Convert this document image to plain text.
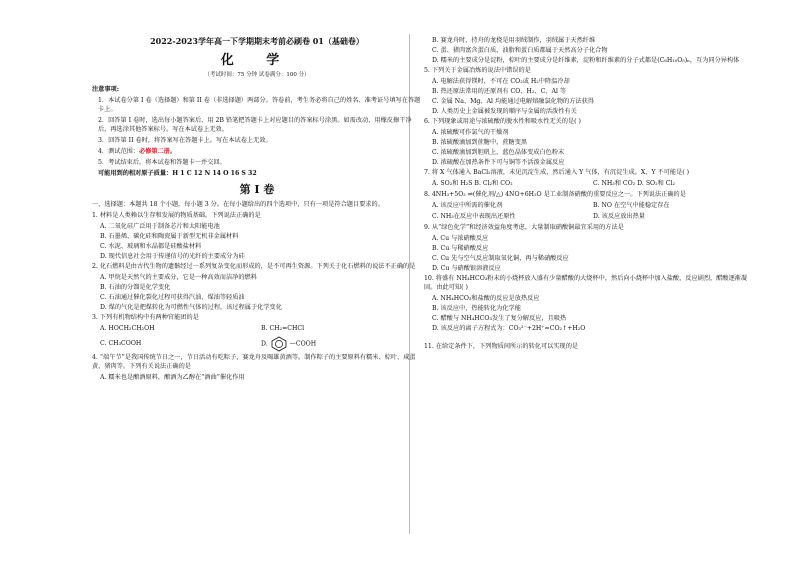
2022-2023学年高一下学期期末考前必刷卷 01（基础卷）
化 学
（考试时间：75 分钟 试卷满分：100 分）
注意事项:
1．本试卷分第 I 卷（选择题）和第 II 卷（非选择题）两部分。答卷前，考生务必将自己的姓名、准考证号填写在答题卡上。
2．回答第 I 卷时，选出每小题答案后，用 2B 铅笔把答题卡上对应题目的答案标号涂黑。如需改动，用橡皮擦干净后，再选涂其他答案标号。写在本试卷上无效。
3．回答第 II 卷时，将答案写在答题卡上。写在本试卷上无效。
4．测试范围：必修第二册。
5．考试结束后，将本试卷和答题卡一并交回。
可能用到的相对原子质量：H 1 C 12 N 14 O 16 S 32
第 I 卷
一、选择题：本题共 18 个小题，每小题 3 分。在每小题给出的四个选项中，只有一项是符合题目要求的。
1. 材料是人类赖以生存和发展的物质基础。下列说法正确的是
A. 二氧化硅广泛用于制备芯片和太阳能电池
B. 石墨烯、碳化硅和陶瓷属于新型无机非金属材料
C. 水泥、玻璃和水晶都是硅酸盐材料
D. 现代信息社会用于传递信号的光纤的主要成分为硅
2. 化石燃料是由古代生物的遗骸经过一系列复杂变化而形成的，是不可再生资源。下列关于化石燃料的说法不正确的是
A. 甲烷是天然气的主要成分，它是一种高效而洁净的燃料
B. 石油的分馏是化学变化
C. 石油通过催化裂化过程可获得汽油、煤油等轻质油
D. 煤的气化是把煤转化为可燃性气体的过程，该过程属于化学变化
3. 下列有机物结构中有两种官能团的是
A. HOCH₂CH₂OH	B. CH₂=CHCl
C. CH₃COOH	D.	—COOH
4. “端午节”是我国传统节日之一，节日活动有吃粽子、赛龙舟及喝雄黄酒等。制作粽子的主要原料有糯米、棕叶、咸蛋黄、猪肉等。下列有关说法正确的是
A. 糯米也是酿酒原料，酿酒为乙醇在“酒曲”催化作用
B. 赛龙舟时，持舟的龙桡是用羽绒制作，羽绒属于天然纤维
C. 蛋、猪肉富含蛋白质，油脂和蛋白质都属于天然高分子化合物
D. 糯米的主要成分是淀粉，棕叶的主要成分是纤维素，淀粉和纤维素的分子式都是(C₆H₁₀O₅)ₙ，互为同分异构体
5. 下列关于金属冶炼的说法中错误的是
A. 电解法获得镁时，不可在 CO₂或 H₂中降温冷却
B. 热还原法常用的还原剂有 CO、H₂、C、Al 等
C. 金属 Na、Mg、Al 均能通过电解熔融氯化物的方法获得
D. 人类历史上金属被发现的顺序与金属的活泼性有关
6. 下列现象或用途与浓硫酸的脱水性和吸水性无关的是( )
A. 浓硫酸可作氯气的干燥剂
B. 浓硫酸滴加到蔗糖中，蔗糖变黑
C. 浓硫酸滴加到胆矾上，蓝色晶体变成白色粉末
D. 浓硫酸在加热条件下可与铜等不活泼金属反应
7. 将 X 气体通入 BaCl₂溶液，未见沉淀生成，然后通入 Y 气体，有沉淀生成。X、Y 不可能是( )
A. SO₂和 H₂S B. Cl₂和 CO₂	C. NH₃和 CO₂ D. SO₂和 Cl₂
8. 4NH₃+5O₂ ⇌(催化剂/△) 4NO+6H₂O 是工业制备硝酸的重要反应之一。下列说法正确的是
A. 该反应中所需的催化剂	B. NO 在空气中能稳定存在
C. NH₃在反应中表现出还原性	D. 该反应放出热量
9. 从“绿色化学”和经济效益角度考虑，大量制取硝酸铜最宜采用的方法是
A. Cu 与浓硝酸反应
B. Cu 与稀硝酸反应
C. Cu 先与空气反应制取氧化铜，再与稀硝酸反应
D. Cu 与硝酸银溶液反应
10. 将盛有 NH₄HCO₃粉末的小烧杯放入盛有少量醋酸的大烧杯中，然后向小烧杯中加入盐酸，反应剧烈，醋酸逐渐凝固。由此可知( )
A. NH₄HCO₃和盐酸的反应是放热反应
B. 该反应中，热能转化为化学能
C. 醋酸与 NH₄HCO₃发生了复分解反应，且吸热
D. 该反应的离子方程式为：CO₃²⁻+2H⁺=CO₂↑+H₂O
11. 在给定条件下，下列物质间所示的转化可以实现的是
